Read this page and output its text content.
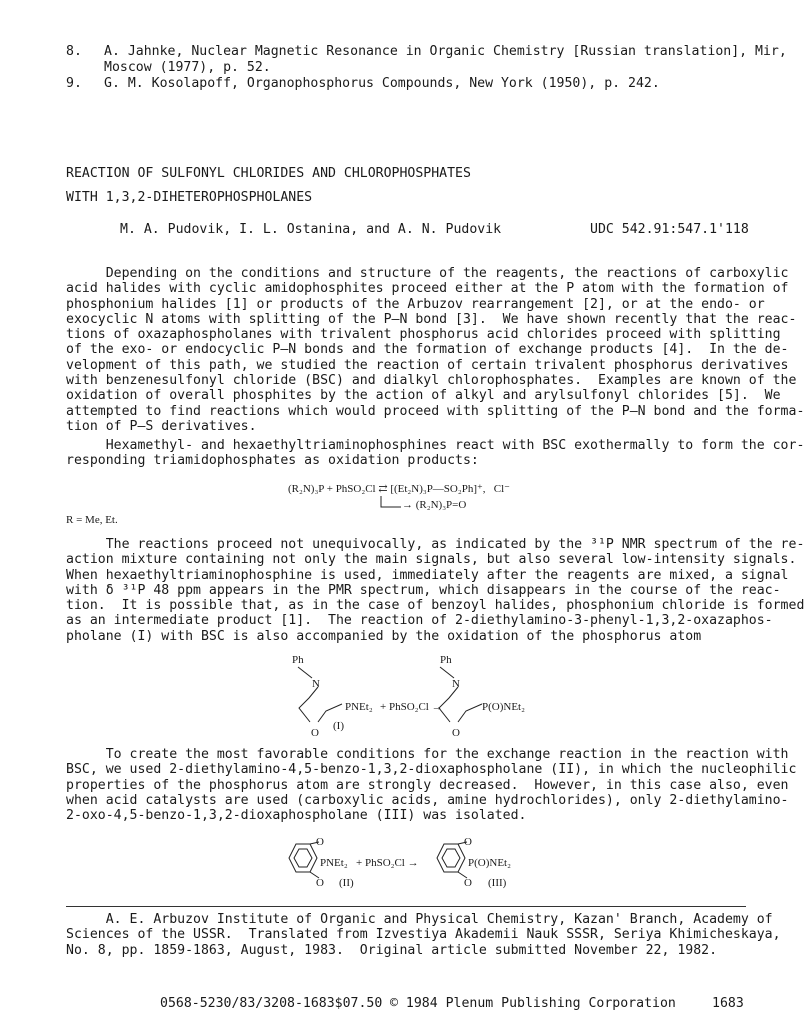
8. A. Jahnke, Nuclear Magnetic Resonance in Organic Chemistry [Russian translation], Mir,
Moscow (1977), p. 52.
9. G. M. Kosolapoff, Organophosphorus Compounds, New York (1950), p. 242.
REACTION OF SULFONYL CHLORIDES AND CHLOROPHOSPHATES
WITH 1,3,2-DIHETEROPHOSPHOLANES
M. A. Pudovik, I. L. Ostanina, and A. N. Pudovik	UDC 542.91:547.1'118
Depending on the conditions and structure of the reagents, the reactions of carboxylic
acid halides with cyclic amidophosphites proceed either at the P atom with the formation of
phosphonium halides [1] or products of the Arbuzov rearrangement [2], or at the endo- or
exocyclic N atoms with splitting of the P–N bond [3].  We have shown recently that the reac-
tions of oxazaphospholanes with trivalent phosphorus acid chlorides proceed with splitting
of the exo- or endocyclic P–N bonds and the formation of exchange products [4].  In the de-
velopment of this path, we studied the reaction of certain trivalent phosphorus derivatives
with benzenesulfonyl chloride (BSC) and dialkyl chlorophosphates.  Examples are known of the
oxidation of overall phosphites by the action of alkyl and arylsulfonyl chlorides [5].  We
attempted to find reactions which would proceed with splitting of the P–N bond and the forma-
tion of P–S derivatives.
Hexamethyl- and hexaethyltriaminophosphines react with BSC exothermally to form the cor-
responding triamidophosphates as oxidation products:
(R₂N)₃P + PhSO₂Cl ⇄ [(Et₂N)₃P—SO₂Ph]⁺,   Cl⁻
→ (R₂N)₃P=O
R = Me, Et.
The reactions proceed not unequivocally, as indicated by the ³¹P NMR spectrum of the re-
action mixture containing not only the main signals, but also several low-intensity signals.
When hexaethyltriaminophosphine is used, immediately after the reagents are mixed, a signal
with δ ³¹P 48 ppm appears in the PMR spectrum, which disappears in the course of the reac-
tion.  It is possible that, as in the case of benzoyl halides, phosphonium chloride is formed
as an intermediate product [1].  The reaction of 2-diethylamino-3-phenyl-1,3,2-oxazaphos-
pholane (I) with BSC is also accompanied by the oxidation of the phosphorus atom
Ph
N
PNEt₂
O
(I)
+ PhSO₂Cl →
Ph
N
P(O)NEt₂
O
To create the most favorable conditions for the exchange reaction in the reaction with
BSC, we used 2-diethylamino-4,5-benzo-1,3,2-dioxaphospholane (II), in which the nucleophilic
properties of the phosphorus atom are strongly decreased.  However, in this case also, even
when acid catalysts are used (carboxylic acids, amine hydrochlorides), only 2-diethylamino-
2-oxo-4,5-benzo-1,3,2-dioxaphospholane (III) was isolated.
O
PNEt₂
O (II)
+ PhSO₂Cl →
O
P(O)NEt₂
O (III)
A. E. Arbuzov Institute of Organic and Physical Chemistry, Kazan' Branch, Academy of
Sciences of the USSR.  Translated from Izvestiya Akademii Nauk SSSR, Seriya Khimicheskaya,
No. 8, pp. 1859-1863, August, 1983.  Original article submitted November 22, 1982.
0568-5230/83/3208-1683$07.50 © 1984 Plenum Publishing Corporation	1683
